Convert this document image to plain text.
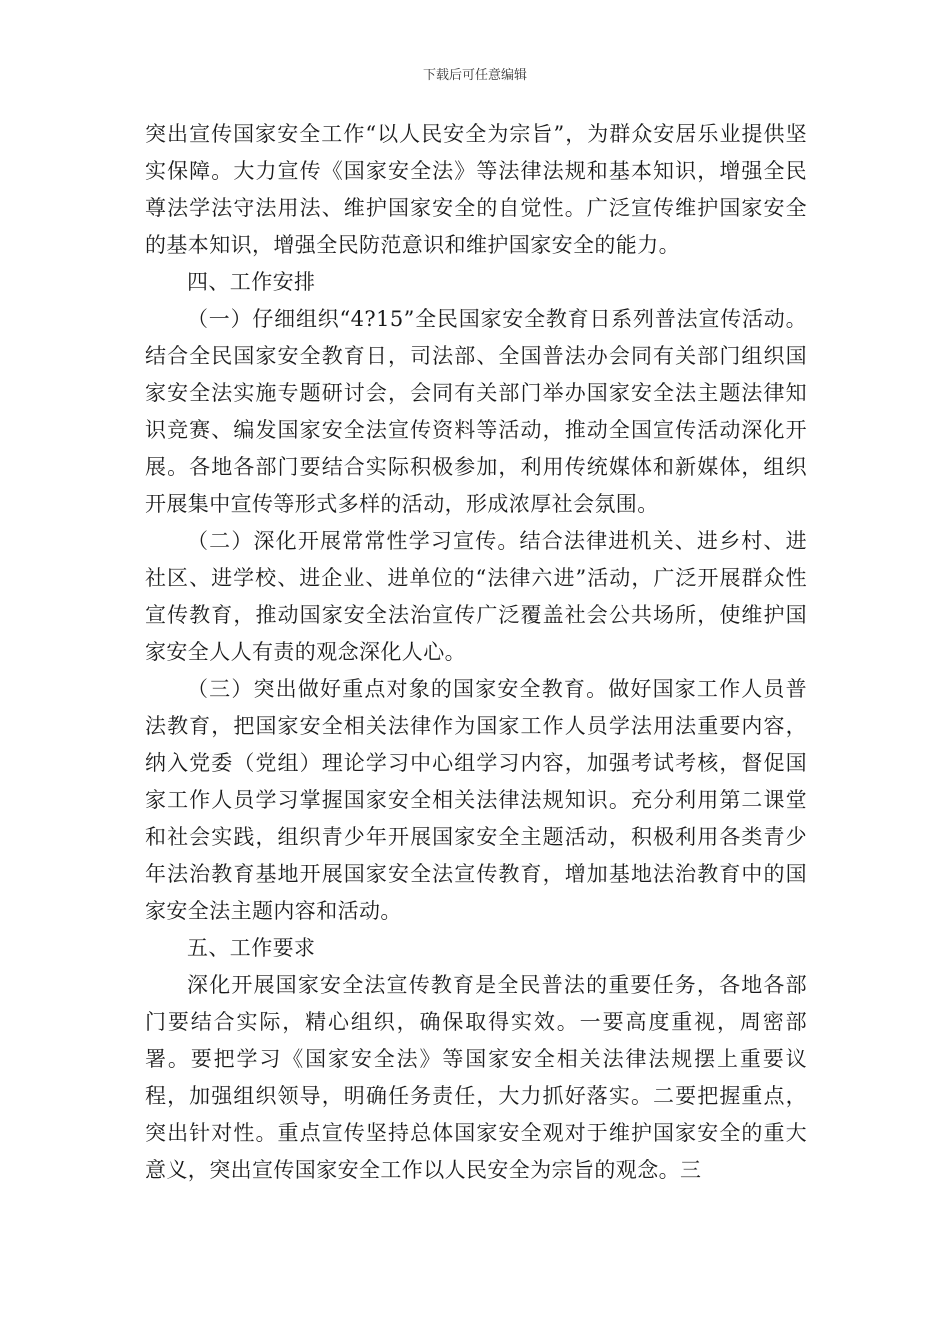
下载后可任意编辑

突出宣传国家安全工作“以人民安全为宗旨”，为群众安居乐业提供坚实保障。大力宣传《国家安全法》等法律法规和基本知识，增强全民尊法学法守法用法、维护国家安全的自觉性。广泛宣传维护国家安全的基本知识，增强全民防范意识和维护国家安全的能力。

四、工作安排

（一）仔细组织“4?15”全民国家安全教育日系列普法宣传活动。结合全民国家安全教育日，司法部、全国普法办会同有关部门组织国家安全法实施专题研讨会，会同有关部门举办国家安全法主题法律知识竞赛、编发国家安全法宣传资料等活动，推动全国宣传活动深化开展。各地各部门要结合实际积极参加，利用传统媒体和新媒体，组织开展集中宣传等形式多样的活动，形成浓厚社会氛围。

（二）深化开展常常性学习宣传。结合法律进机关、进乡村、进社区、进学校、进企业、进单位的“法律六进”活动，广泛开展群众性宣传教育，推动国家安全法治宣传广泛覆盖社会公共场所，使维护国家安全人人有责的观念深化人心。

（三）突出做好重点对象的国家安全教育。做好国家工作人员普法教育，把国家安全相关法律作为国家工作人员学法用法重要内容，纳入党委（党组）理论学习中心组学习内容，加强考试考核，督促国家工作人员学习掌握国家安全相关法律法规知识。充分利用第二课堂和社会实践，组织青少年开展国家安全主题活动，积极利用各类青少年法治教育基地开展国家安全法宣传教育，增加基地法治教育中的国家安全法主题内容和活动。

五、工作要求

深化开展国家安全法宣传教育是全民普法的重要任务，各地各部门要结合实际，精心组织，确保取得实效。一要高度重视，周密部署。要把学习《国家安全法》等国家安全相关法律法规摆上重要议程，加强组织领导，明确任务责任，大力抓好落实。二要把握重点，突出针对性。重点宣传坚持总体国家安全观对于维护国家安全的重大意义，突出宣传国家安全工作以人民安全为宗旨的观念。三
